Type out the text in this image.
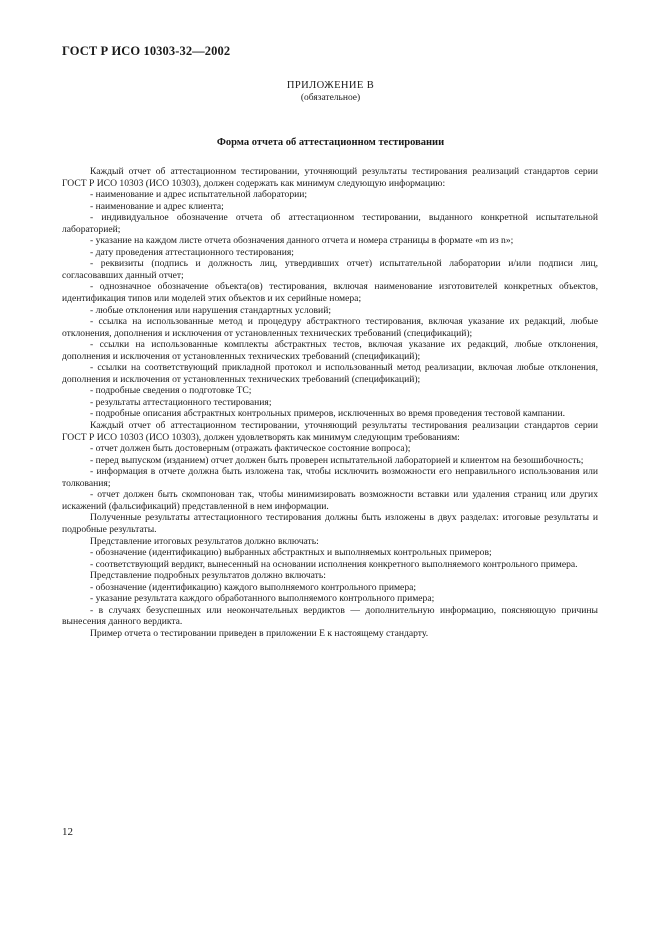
ГОСТ Р ИСО 10303-32—2002
ПРИЛОЖЕНИЕ В
(обязательное)
Форма отчета об аттестационном тестировании

Каждый отчет об аттестационном тестировании, уточняющий результаты тестирования реализаций стандартов серии ГОСТ Р ИСО 10303 (ИСО 10303), должен содержать как минимум следующую информацию:

- наименование и адрес испытательной лаборатории;

- наименование и адрес клиента;

- индивидуальное обозначение отчета об аттестационном тестировании, выданного конкретной испытательной лабораторией;

- указание на каждом листе отчета обозначения данного отчета и номера страницы в формате «m из n»;

- дату проведения аттестационного тестирования;

- реквизиты (подпись и должность лиц, утвердивших отчет) испытательной лаборатории и/или подписи лиц, согласовавших данный отчет;

- однозначное обозначение объекта(ов) тестирования, включая наименование изготовителей конкретных объектов, идентификация типов или моделей этих объектов и их серийные номера;

- любые отклонения или нарушения стандартных условий;

- ссылка на использованные метод и процедуру абстрактного тестирования, включая указание их редакций, любые отклонения, дополнения и исключения от установленных технических требований (спецификаций);

- ссылки на использованные комплекты абстрактных тестов, включая указание их редакций, любые отклонения, дополнения и исключения от установленных технических требований (спецификаций);

- ссылки на соответствующий прикладной протокол и использованный метод реализации, включая любые отклонения, дополнения и исключения от установленных технических требований (спецификаций);

- подробные сведения о подготовке ТС;

- результаты аттестационного тестирования;

- подробные описания абстрактных контрольных примеров, исключенных во время проведения тестовой кампании.

Каждый отчет об аттестационном тестировании, уточняющий результаты тестирования реализации стандартов серии ГОСТ Р ИСО 10303 (ИСО 10303), должен удовлетворять как минимум следующим требованиям:

- отчет должен быть достоверным (отражать фактическое состояние вопроса);

- перед выпуском (изданием) отчет должен быть проверен испытательной лабораторией и клиентом на безошибочность;

- информация в отчете должна быть изложена так, чтобы исключить возможности его неправильного использования или толкования;

- отчет должен быть скомпонован так, чтобы минимизировать возможности вставки или удаления страниц или других искажений (фальсификаций) представленной в нем информации.

Полученные результаты аттестационного тестирования должны быть изложены в двух разделах: итоговые результаты и подробные результаты.

Представление итоговых результатов должно включать:

- обозначение (идентификацию) выбранных абстрактных и выполняемых контрольных примеров;

- соответствующий вердикт, вынесенный на основании исполнения конкретного выполняемого контрольного примера.

Представление подробных результатов должно включать:

- обозначение (идентификацию) каждого выполняемого контрольного примера;

- указание результата каждого обработанного выполняемого контрольного примера;

- в случаях безуспешных или неокончательных вердиктов — дополнительную информацию, поясняющую причины вынесения данного вердикта.

Пример отчета о тестировании приведен в приложении Е к настоящему стандарту.

12
